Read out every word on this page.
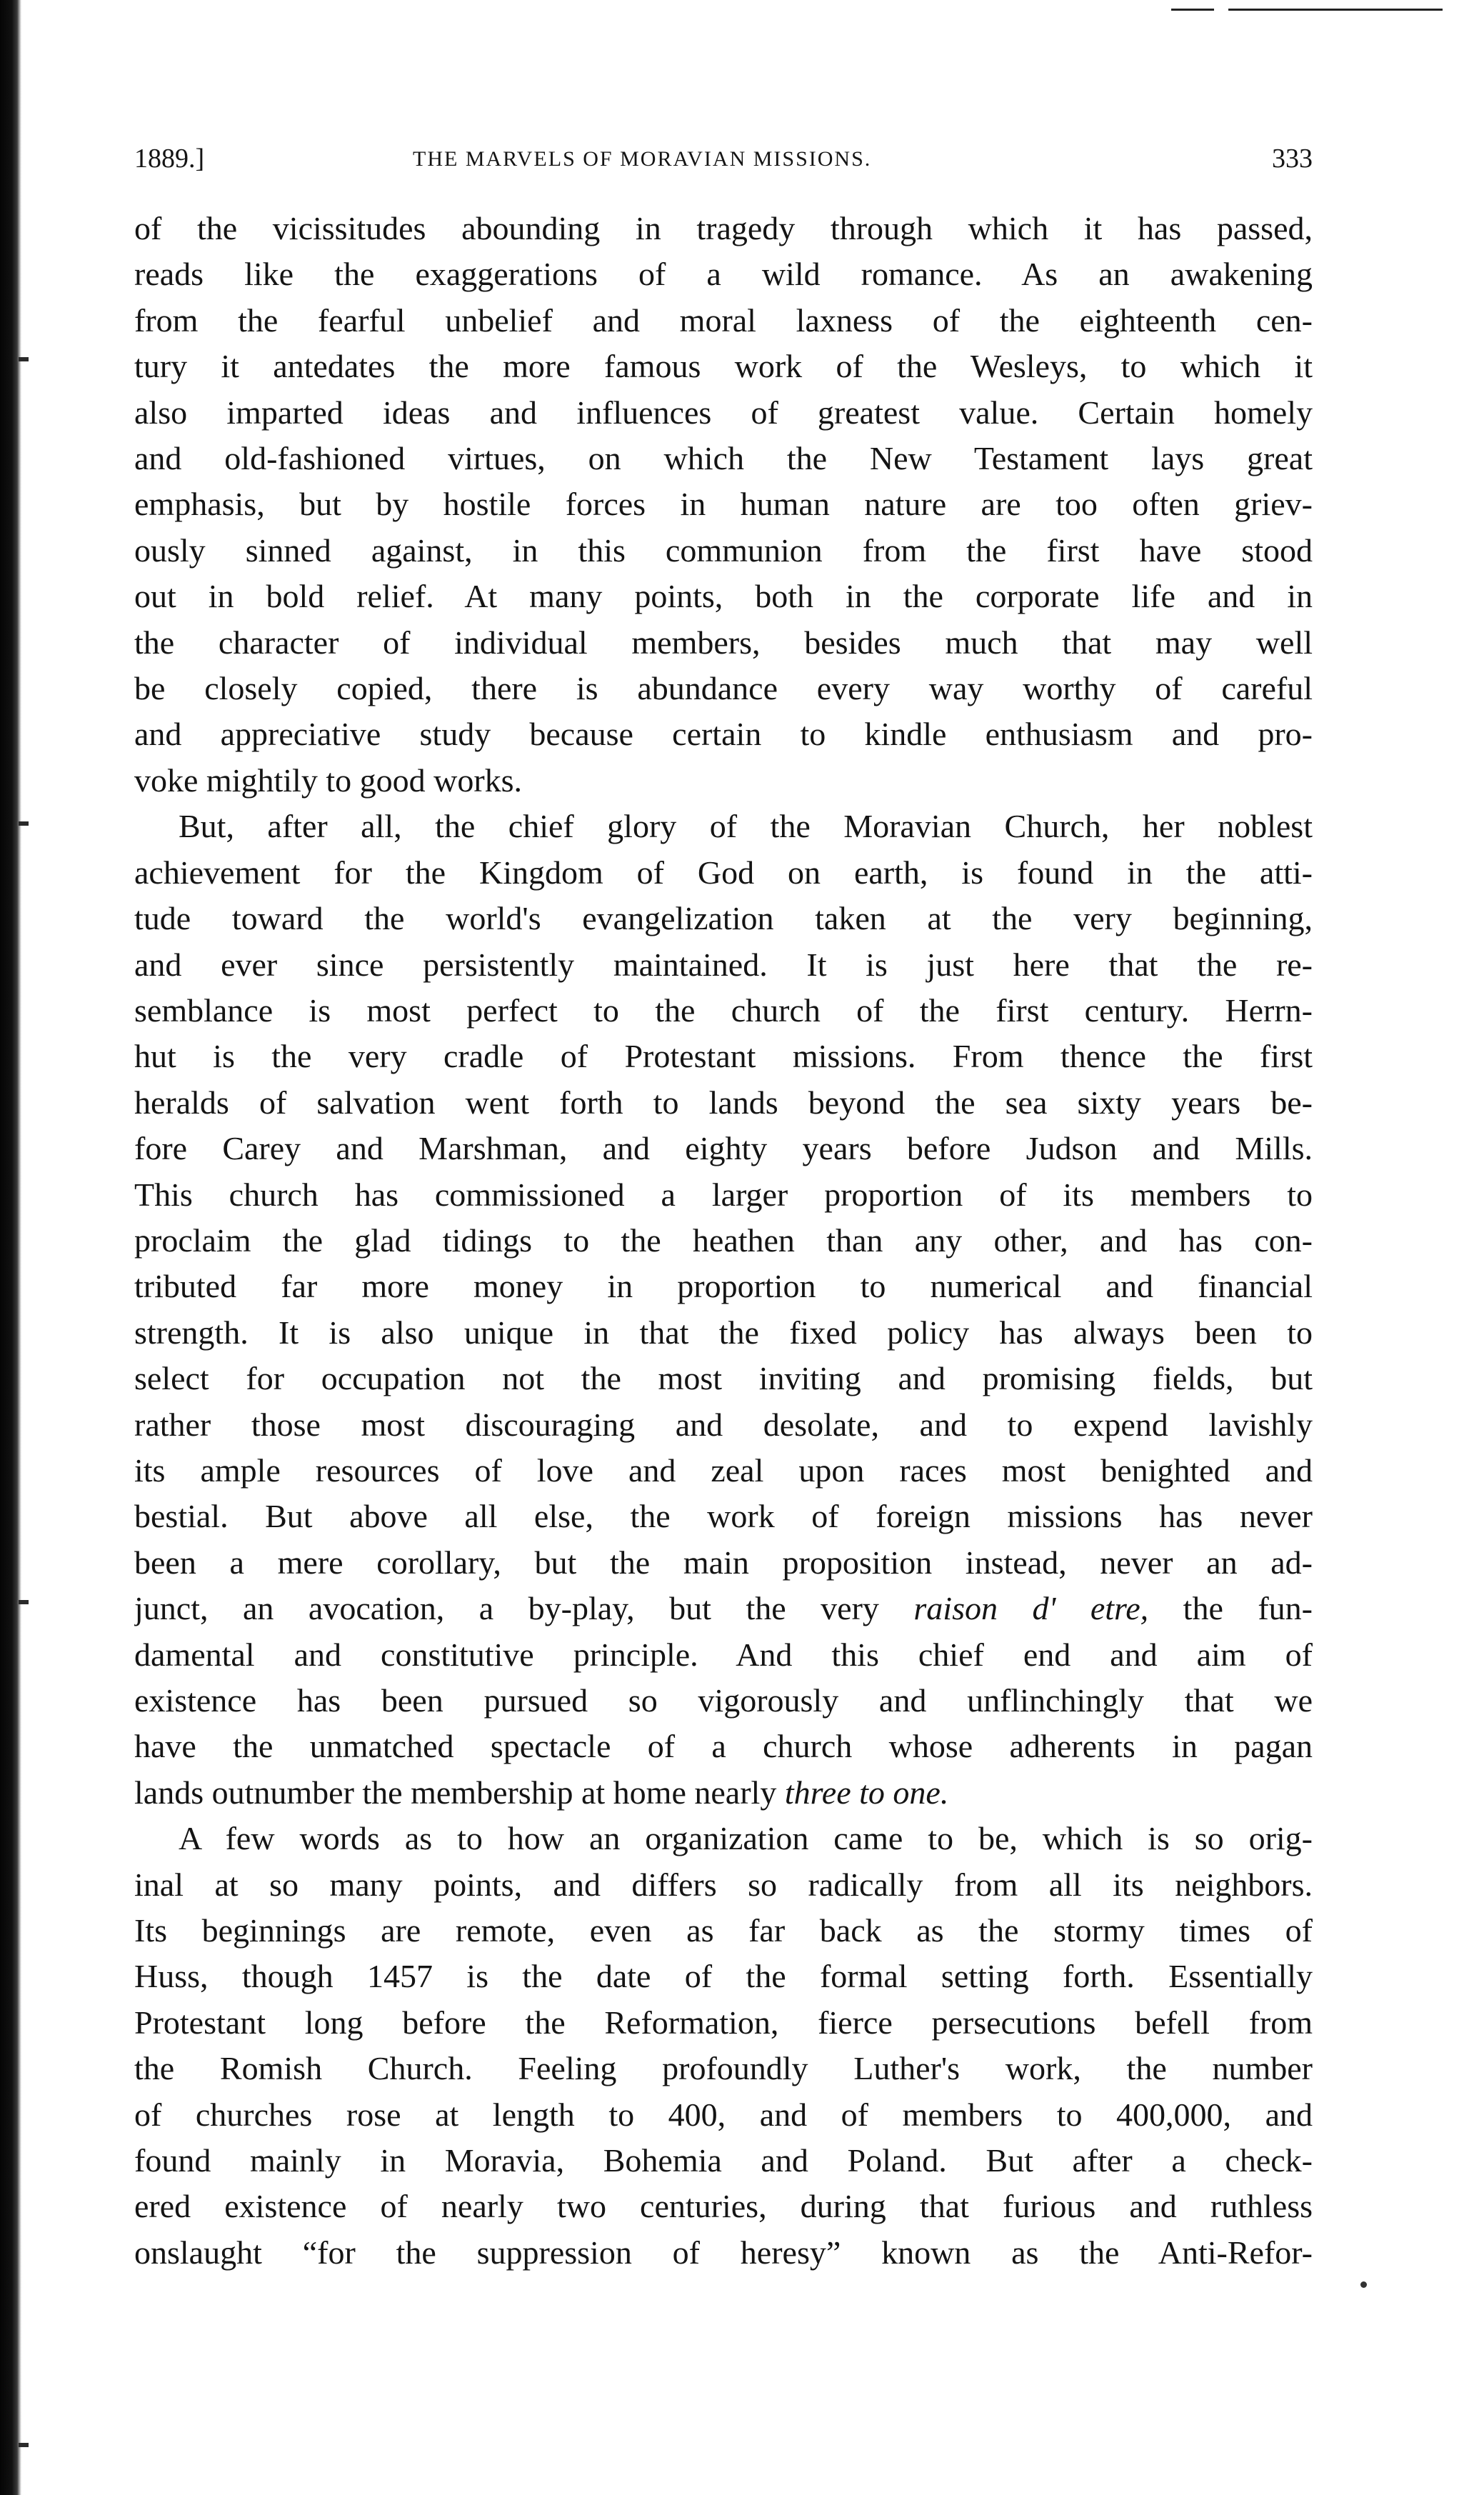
1889.]	THE MARVELS OF MORAVIAN MISSIONS.	333
of the vicissitudes abounding in tragedy through which it has passed,
reads like the exaggerations of a wild romance. As an awakening
from the fearful unbelief and moral laxness of the eighteenth cen-
tury it antedates the more famous work of the Wesleys, to which it
also imparted ideas and influences of greatest value. Certain homely
and old-fashioned virtues, on which the New Testament lays great
emphasis, but by hostile forces in human nature are too often griev-
ously sinned against, in this communion from the first have stood
out in bold relief. At many points, both in the corporate life and in
the character of individual members, besides much that may well
be closely copied, there is abundance every way worthy of careful
and appreciative study because certain to kindle enthusiasm and pro-
voke mightily to good works.
But, after all, the chief glory of the Moravian Church, her noblest
achievement for the Kingdom of God on earth, is found in the atti-
tude toward the world's evangelization taken at the very beginning,
and ever since persistently maintained. It is just here that the re-
semblance is most perfect to the church of the first century. Herrn-
hut is the very cradle of Protestant missions. From thence the first
heralds of salvation went forth to lands beyond the sea sixty years be-
fore Carey and Marshman, and eighty years before Judson and Mills.
This church has commissioned a larger proportion of its members to
proclaim the glad tidings to the heathen than any other, and has con-
tributed far more money in proportion to numerical and financial
strength. It is also unique in that the fixed policy has always been to
select for occupation not the most inviting and promising fields, but
rather those most discouraging and desolate, and to expend lavishly
its ample resources of love and zeal upon races most benighted and
bestial. But above all else, the work of foreign missions has never
been a mere corollary, but the main proposition instead, never an ad-
junct, an avocation, a by-play, but the very raison d' etre, the fun-
damental and constitutive principle. And this chief end and aim of
existence has been pursued so vigorously and unflinchingly that we
have the unmatched spectacle of a church whose adherents in pagan
lands outnumber the membership at home nearly three to one.
A few words as to how an organization came to be, which is so orig-
inal at so many points, and differs so radically from all its neighbors.
Its beginnings are remote, even as far back as the stormy times of
Huss, though 1457 is the date of the formal setting forth. Essentially
Protestant long before the Reformation, fierce persecutions befell from
the Romish Church. Feeling profoundly Luther's work, the number
of churches rose at length to 400, and of members to 400,000, and
found mainly in Moravia, Bohemia and Poland. But after a check-
ered existence of nearly two centuries, during that furious and ruthless
onslaught “for the suppression of heresy” known as the Anti-Refor-
